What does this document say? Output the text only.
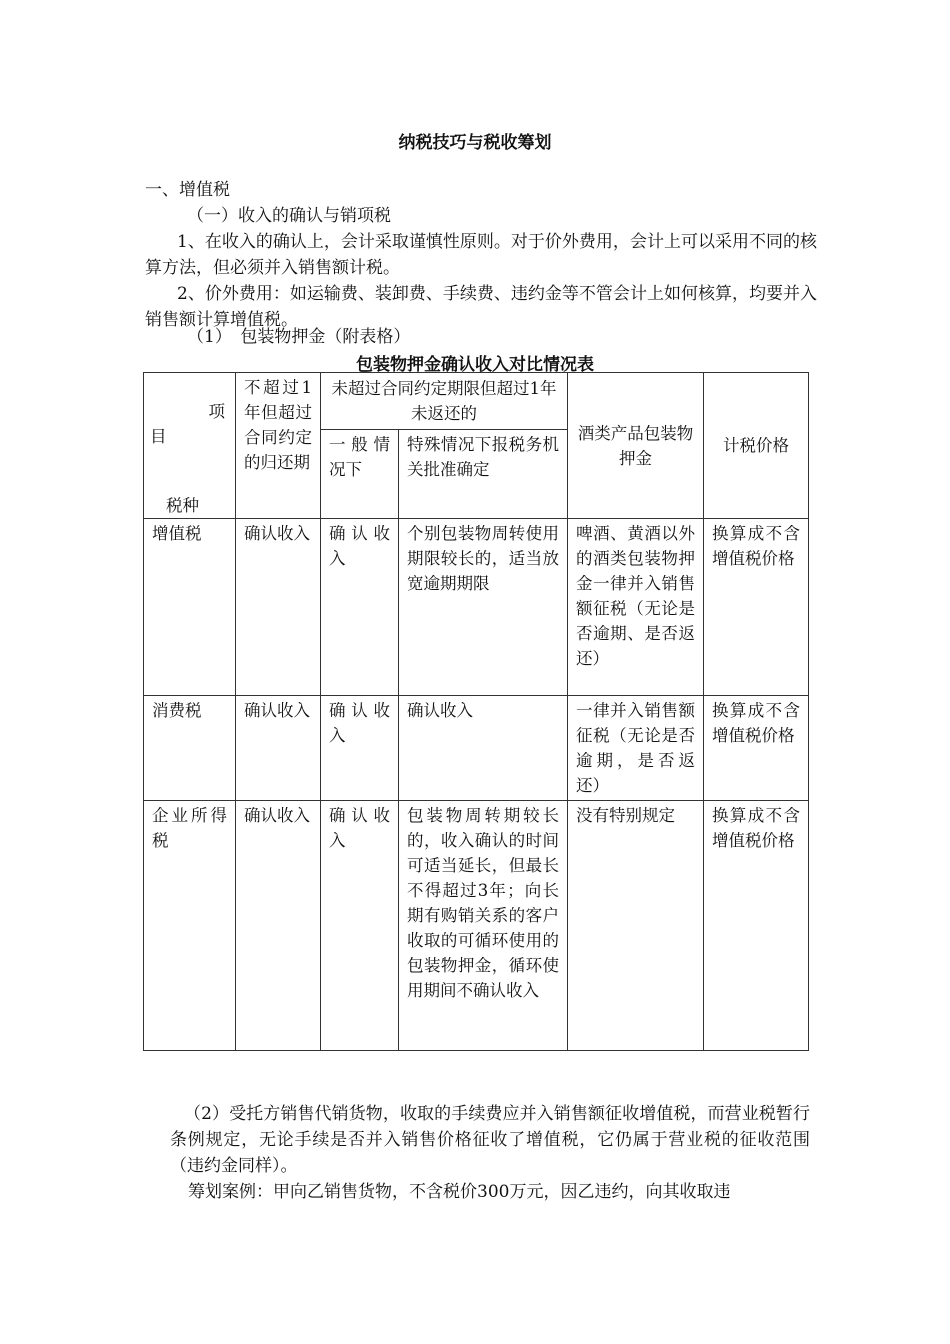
纳税技巧与税收筹划
一、增值税
（一）收入的确认与销项税
1、在收入的确认上，会计采取谨慎性原则。对于价外费用，会计上可以采用不同的核算方法，但必须并入销售额计税。
2、价外费用：如运输费、装卸费、手续费、违约金等不管会计上如何核算，均要并入销售额计算增值税。
（1）　包装物押金（附表格）
包装物押金确认收入对比情况表
项
目
税种	不超过1年但超过合同约定的归还期	未超过合同约定期限但超过1年未返还的		酒类产品包装物押金	计税价格
		一般情况下	特殊情况下报税务机关批准确定		
增值税	确认收入	确认收入	个别包装物周转使用期限较长的，适当放宽逾期期限	啤酒、黄酒以外的酒类包装物押金一律并入销售额征税（无论是否逾期、是否返还）	换算成不含增值税价格
消费税	确认收入	确认收入	确认收入	一律并入销售额征税（无论是否逾期，是否返还）	换算成不含增值税价格
企业所得税	确认收入	确认收入	包装物周转期较长的，收入确认的时间可适当延长，但最长不得超过3年；向长期有购销关系的客户收取的可循环使用的包装物押金，循环使用期间不确认收入	没有特别规定	换算成不含增值税价格
（2）受托方销售代销货物，收取的手续费应并入销售额征收增值税，而营业税暂行条例规定，无论手续是否并入销售价格征收了增值税，它仍属于营业税的征收范围（违约金同样）。
筹划案例：甲向乙销售货物，不含税价300万元，因乙违约，向其收取违
